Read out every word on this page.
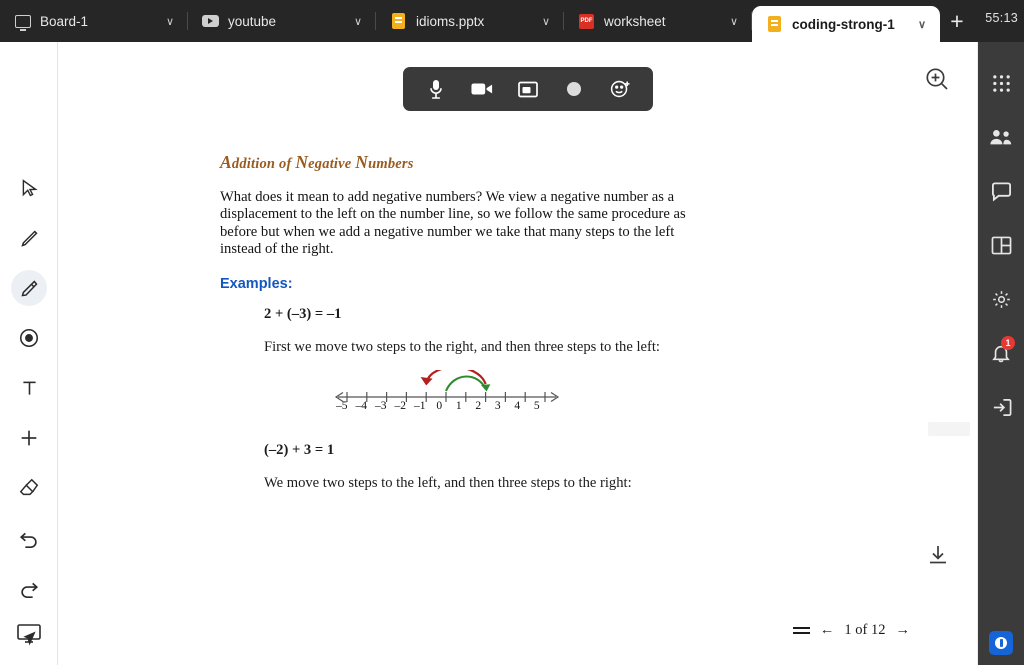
Board-1	∨	youtube	∨	idioms.pptx	∨	PDF worksheet	∨	coding-strong-1	∨	+	55:13
1
Addition of Negative Numbers

What does it mean to add negative numbers? We view a negative number as a displacement to the left on the number line, so we follow the same procedure as before but when we add a negative number we take that many steps to the left instead of the right.

Examples:
2 + (–3) = –1
First we move two steps to the right, and then three steps to the left:
–5 –4 –3 –2 –1 0	1	2	3	4	5
(–2) + 3 = 1
We move two steps to the left, and then three steps to the right:
← 1 of 12 →
